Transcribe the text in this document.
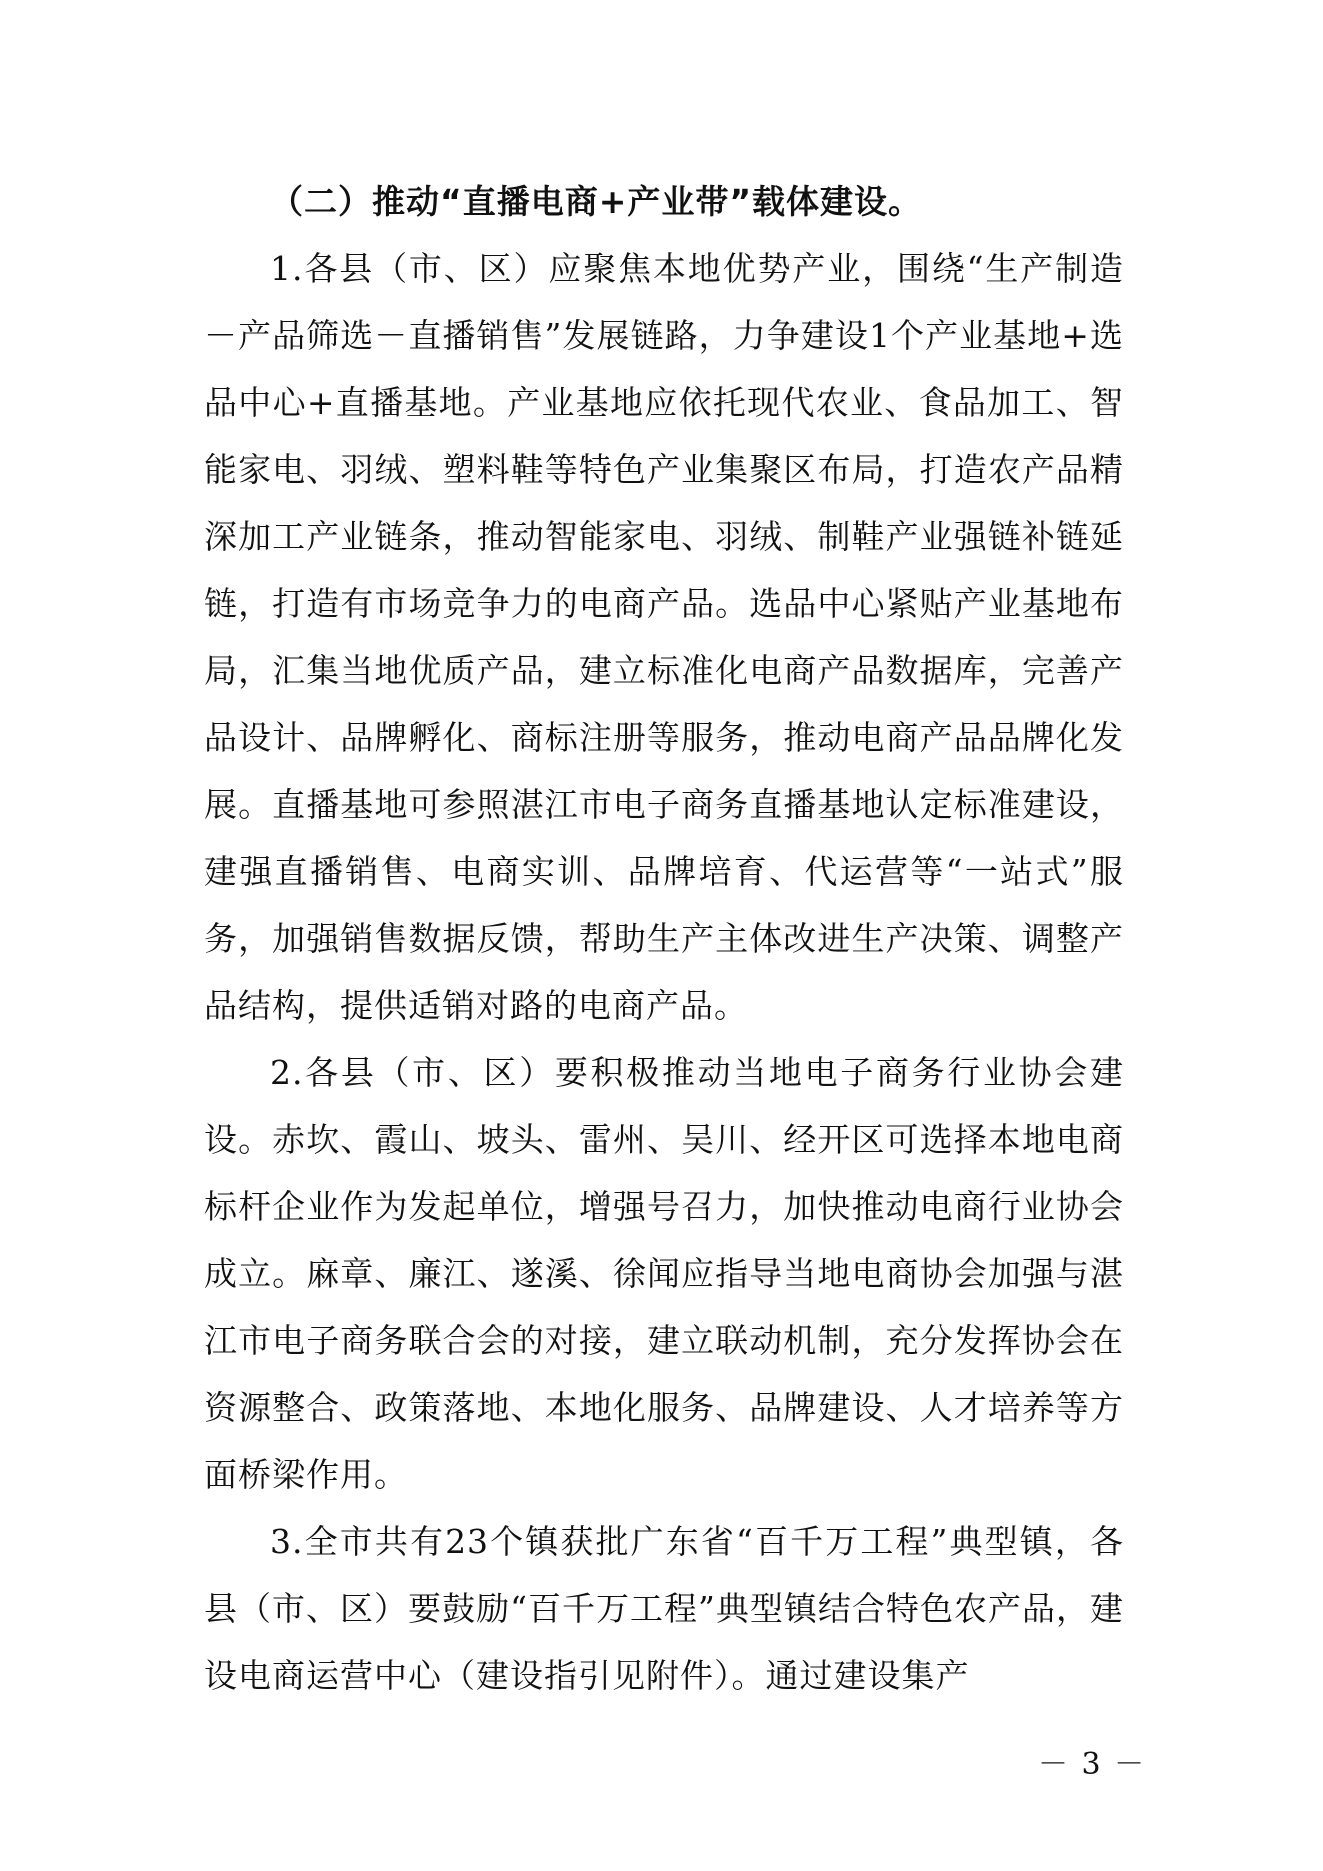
（二）推动“直播电商+产业带”载体建设。

1.各县（市、区）应聚焦本地优势产业，围绕“生产制造－产品筛选－直播销售”发展链路，力争建设1个产业基地+选品中心+直播基地。产业基地应依托现代农业、食品加工、智能家电、羽绒、塑料鞋等特色产业集聚区布局，打造农产品精深加工产业链条，推动智能家电、羽绒、制鞋产业强链补链延链，打造有市场竞争力的电商产品。选品中心紧贴产业基地布局，汇集当地优质产品，建立标准化电商产品数据库，完善产品设计、品牌孵化、商标注册等服务，推动电商产品品牌化发展。直播基地可参照湛江市电子商务直播基地认定标准建设，建强直播销售、电商实训、品牌培育、代运营等“一站式”服务，加强销售数据反馈，帮助生产主体改进生产决策、调整产品结构，提供适销对路的电商产品。

2.各县（市、区）要积极推动当地电子商务行业协会建设。赤坎、霞山、坡头、雷州、吴川、经开区可选择本地电商标杆企业作为发起单位，增强号召力，加快推动电商行业协会成立。麻章、廉江、遂溪、徐闻应指导当地电商协会加强与湛江市电子商务联合会的对接，建立联动机制，充分发挥协会在资源整合、政策落地、本地化服务、品牌建设、人才培养等方面桥梁作用。

3.全市共有23个镇获批广东省“百千万工程”典型镇，各县（市、区）要鼓励“百千万工程”典型镇结合特色农产品，建设电商运营中心（建设指引见附件）。通过建设集产

－ 3 －
